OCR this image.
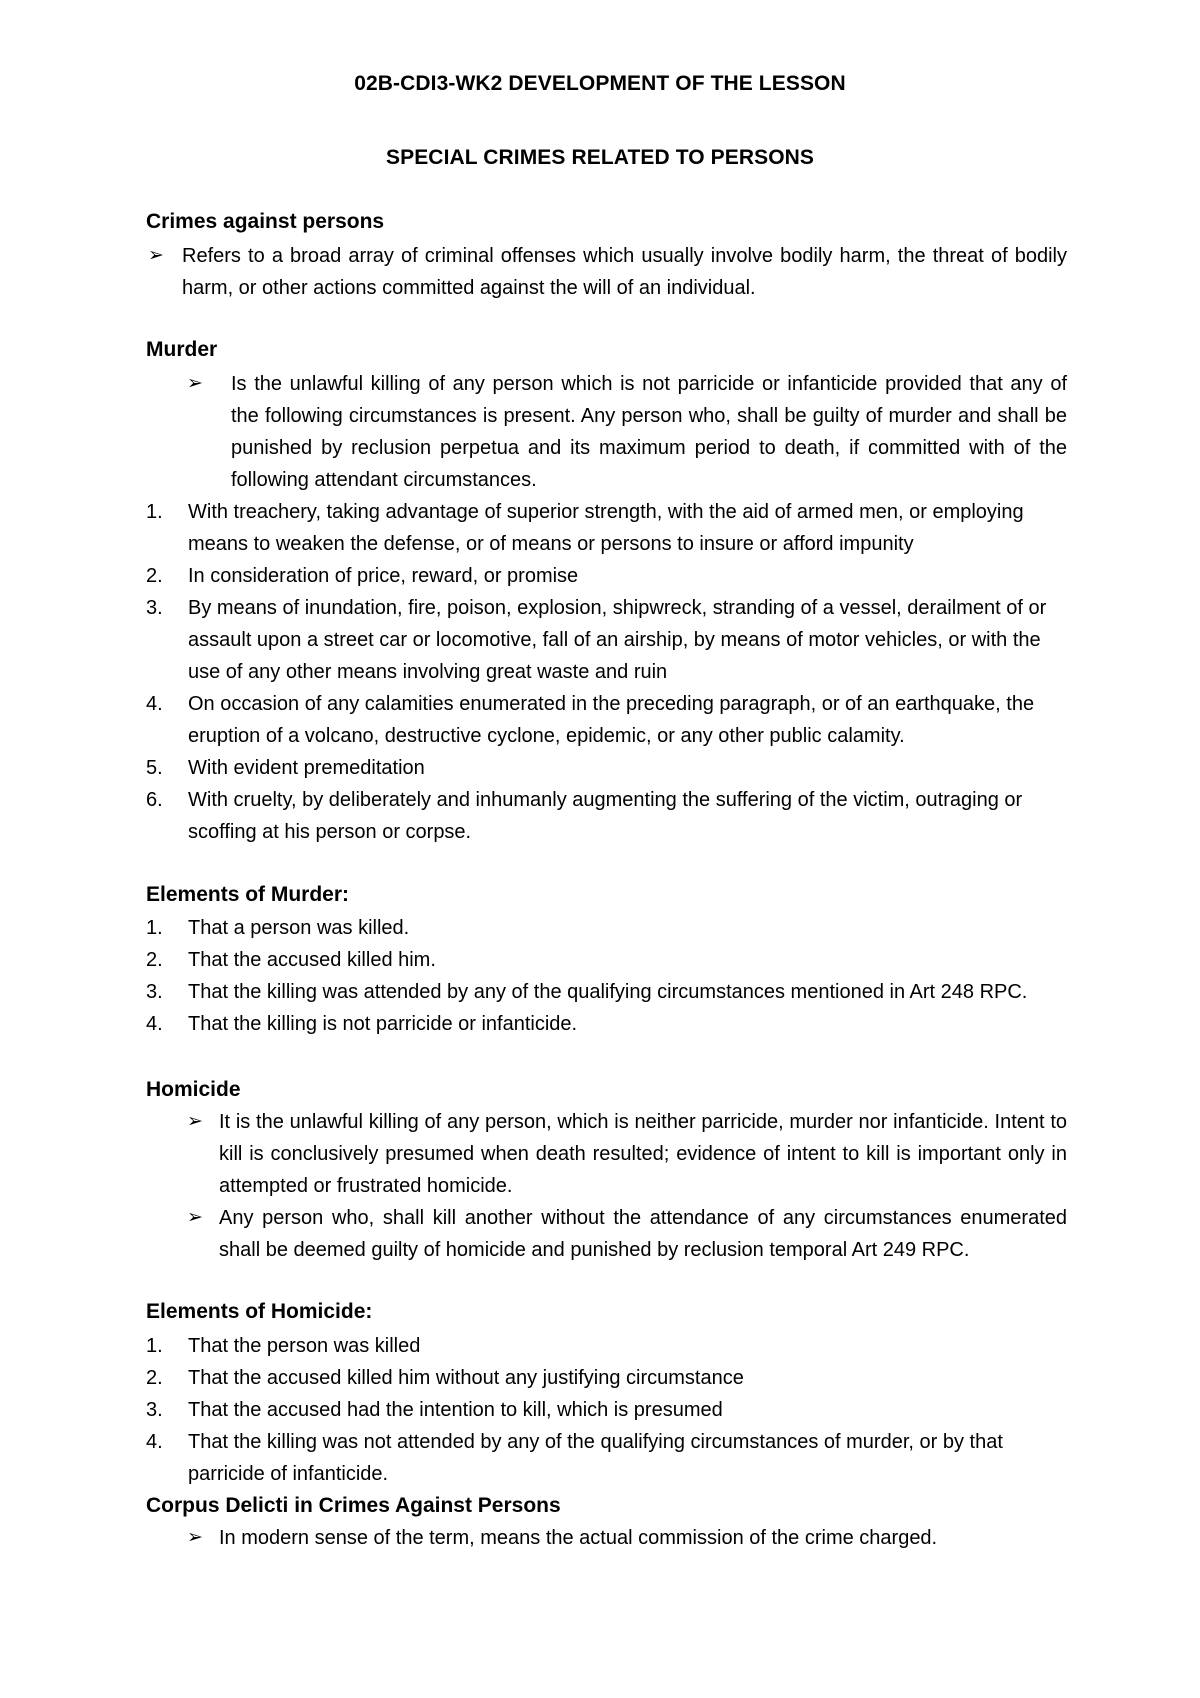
02B-CDI3-WK2 DEVELOPMENT OF THE LESSON
SPECIAL CRIMES RELATED TO PERSONS
Crimes against persons
➢ Refers to a broad array of criminal offenses which usually involve bodily harm, the threat of bodily harm, or other actions committed against the will of an individual.

Murder
➢ Is the unlawful killing of any person which is not parricide or infanticide provided that any of the following circumstances is present. Any person who, shall be guilty of murder and shall be punished by reclusion perpetua and its maximum period to death, if committed with of the following attendant circumstances.

1. With treachery, taking advantage of superior strength, with the aid of armed men, or employing means to weaken the defense, or of means or persons to insure or afford impunity

2. In consideration of price, reward, or promise

3. By means of inundation, fire, poison, explosion, shipwreck, stranding of a vessel, derailment of or assault upon a street car or locomotive, fall of an airship, by means of motor vehicles, or with the use of any other means involving great waste and ruin

4. On occasion of any calamities enumerated in the preceding paragraph, or of an earthquake, the eruption of a volcano, destructive cyclone, epidemic, or any other public calamity.

5. With evident premeditation

6. With cruelty, by deliberately and inhumanly augmenting the suffering of the victim, outraging or scoffing at his person or corpse.

Elements of Murder:
1. That a person was killed.

2. That the accused killed him.

3. That the killing was attended by any of the qualifying circumstances mentioned in Art 248 RPC.

4. That the killing is not parricide or infanticide.

Homicide
➢ It is the unlawful killing of any person, which is neither parricide, murder nor infanticide. Intent to kill is conclusively presumed when death resulted; evidence of intent to kill is important only in attempted or frustrated homicide.

➢ Any person who, shall kill another without the attendance of any circumstances enumerated shall be deemed guilty of homicide and punished by reclusion temporal Art 249 RPC.

Elements of Homicide:
1. That the person was killed

2. That the accused killed him without any justifying circumstance

3. That the accused had the intention to kill, which is presumed

4. That the killing was not attended by any of the qualifying circumstances of murder, or by that parricide of infanticide.

Corpus Delicti in Crimes Against Persons
➢ In modern sense of the term, means the actual commission of the crime charged.
